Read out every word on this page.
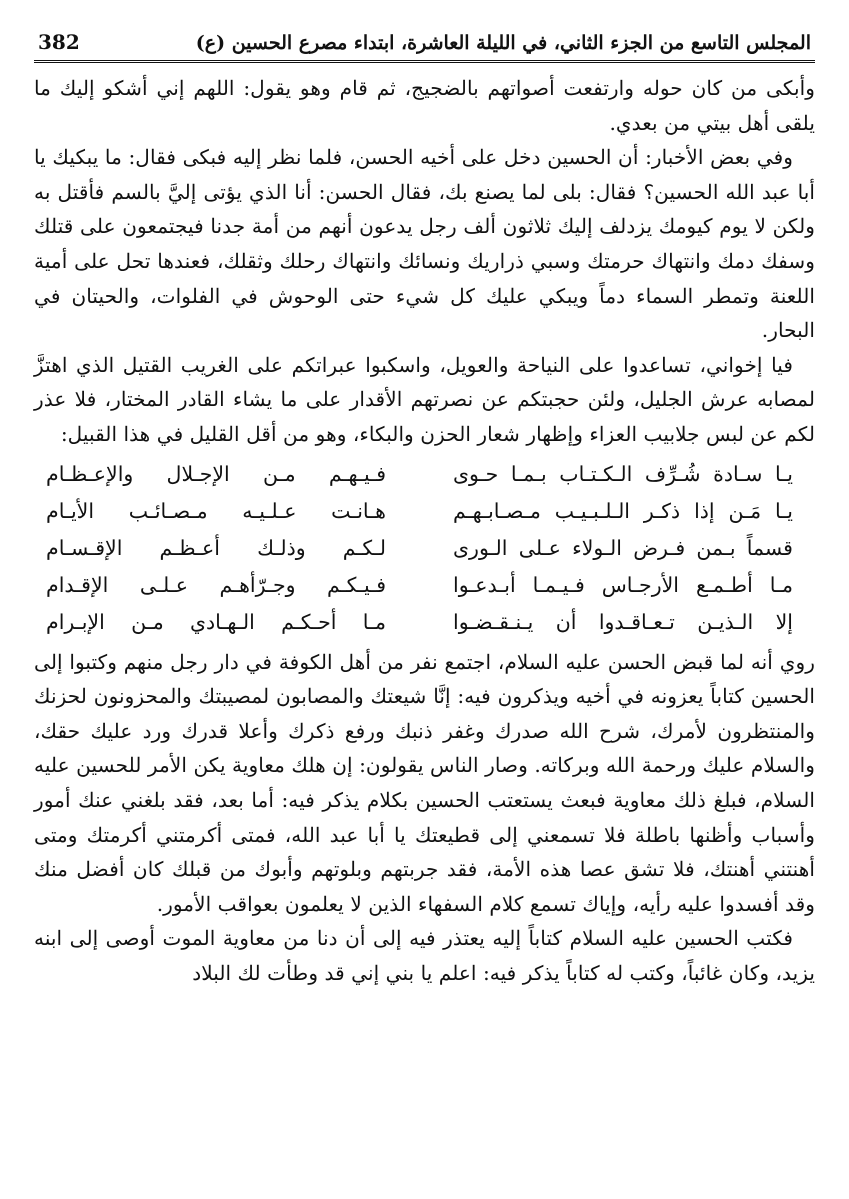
المجلس التاسع من الجزء الثاني، في الليلة العاشرة، ابتداء مصرع الحسين (ع)
382

وأبكى من كان حوله وارتفعت أصواتهم بالضجيج، ثم قام وهو يقول: اللهم إني أشكو إليك ما يلقى أهل بيتي من بعدي.

وفي بعض الأخبار: أن الحسين دخل على أخيه الحسن، فلما نظر إليه فبكى فقال: ما يبكيك يا أبا عبد الله الحسين؟ فقال: بلى لما يصنع بك، فقال الحسن: أنا الذي يؤتى إليَّ بالسم فأقتل به ولكن لا يوم كيومك يزدلف إليك ثلاثون ألف رجل يدعون أنهم من أمة جدنا فيجتمعون على قتلك وسفك دمك وانتهاك حرمتك وسبي ذراريك ونسائك وانتهاك رحلك وثقلك، فعندها تحل على أمية اللعنة وتمطر السماء دماً ويبكي عليك كل شيء حتى الوحوش في الفلوات، والحيتان في البحار.

فيا إخواني، تساعدوا على النياحة والعويل، واسكبوا عبراتكم على الغريب القتيل الذي اهتزَّ لمصابه عرش الجليل، ولئن حجبتكم عن نصرتهم الأقدار على ما يشاء القادر المختار، فلا عذر لكم عن لبس جلابيب العزاء وإظهار شعار الحزن والبكاء، وهو من أقل القليل في هذا القبيل:

يـا سـادة شُـرِّف الـكـتـاب بـمـا حـوى
فـيـهـم مـن الإجـلال والإعـظـام
يـا مَـن إذا ذكـر الـلـبـيـب مـصـابـهـم
هـانـت عـلـيـه مـصـائـب الأيـام
قسماً بـمن فـرض الـولاء عـلى الـورى
لـكـم وذلـك أعـظـم الإقـسـام
مـا أطـمـع الأرجـاس فـيـمـا أبـدعـوا
فـيـكـم وجـرّأهـم عـلـى الإقـدام
إلا الـذيـن تـعـاقـدوا أن يـنـقـضـوا
مـا أحـكـم الـهـادي مـن الإبـرام

روي أنه لما قبض الحسن عليه السلام، اجتمع نفر من أهل الكوفة في دار رجل منهم وكتبوا إلى الحسين كتاباً يعزونه في أخيه ويذكرون فيه: إنَّا شيعتك والمصابون لمصيبتك والمحزونون لحزنك والمنتظرون لأمرك، شرح الله صدرك وغفر ذنبك ورفع ذكرك وأعلا قدرك ورد عليك حقك، والسلام عليك ورحمة الله وبركاته. وصار الناس يقولون: إن هلك معاوية يكن الأمر للحسين عليه السلام، فبلغ ذلك معاوية فبعث يستعتب الحسين بكلام يذكر فيه: أما بعد، فقد بلغني عنك أمور وأسباب وأظنها باطلة فلا تسمعني إلى قطيعتك يا أبا عبد الله، فمتى أكرمتني أكرمتك ومتى أهنتني أهنتك، فلا تشق عصا هذه الأمة، فقد جربتهم وبلوتهم وأبوك من قبلك كان أفضل منك وقد أفسدوا عليه رأيه، وإياك تسمع كلام السفهاء الذين لا يعلمون بعواقب الأمور.

فكتب الحسين عليه السلام كتاباً إليه يعتذر فيه إلى أن دنا من معاوية الموت أوصى إلى ابنه يزيد، وكان غائباً، وكتب له كتاباً يذكر فيه: اعلم يا بني إني قد وطأت لك البلاد
